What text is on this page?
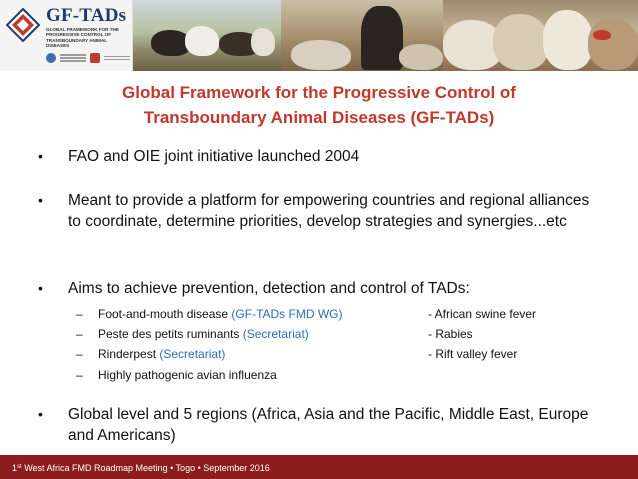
GF-TADs
GLOBAL FRAMEWORK FOR THE PROGRESSIVE CONTROL OF TRANSBOUNDARY ANIMAL DISEASES
Global Framework for the Progressive Control of
Transboundary Animal Diseases (GF-TADs)
•	FAO and OIE joint initiative launched 2004
•	Meant to provide a platform for empowering countries and regional alliances to coordinate, determine priorities, develop strategies and synergies...etc
•	Aims to achieve prevention, detection and control of TADs:
– Foot-and-mouth disease (GF-TADs FMD WG)	- African swine fever
– Peste des petits ruminants (Secretariat)	- Rabies
– Rinderpest (Secretariat)	- Rift valley fever
– Highly pathogenic avian influenza
•	Global level and 5 regions (Africa, Asia and the Pacific, Middle East, Europe and Americans)
1st West Africa FMD Roadmap Meeting • Togo • September 2016
